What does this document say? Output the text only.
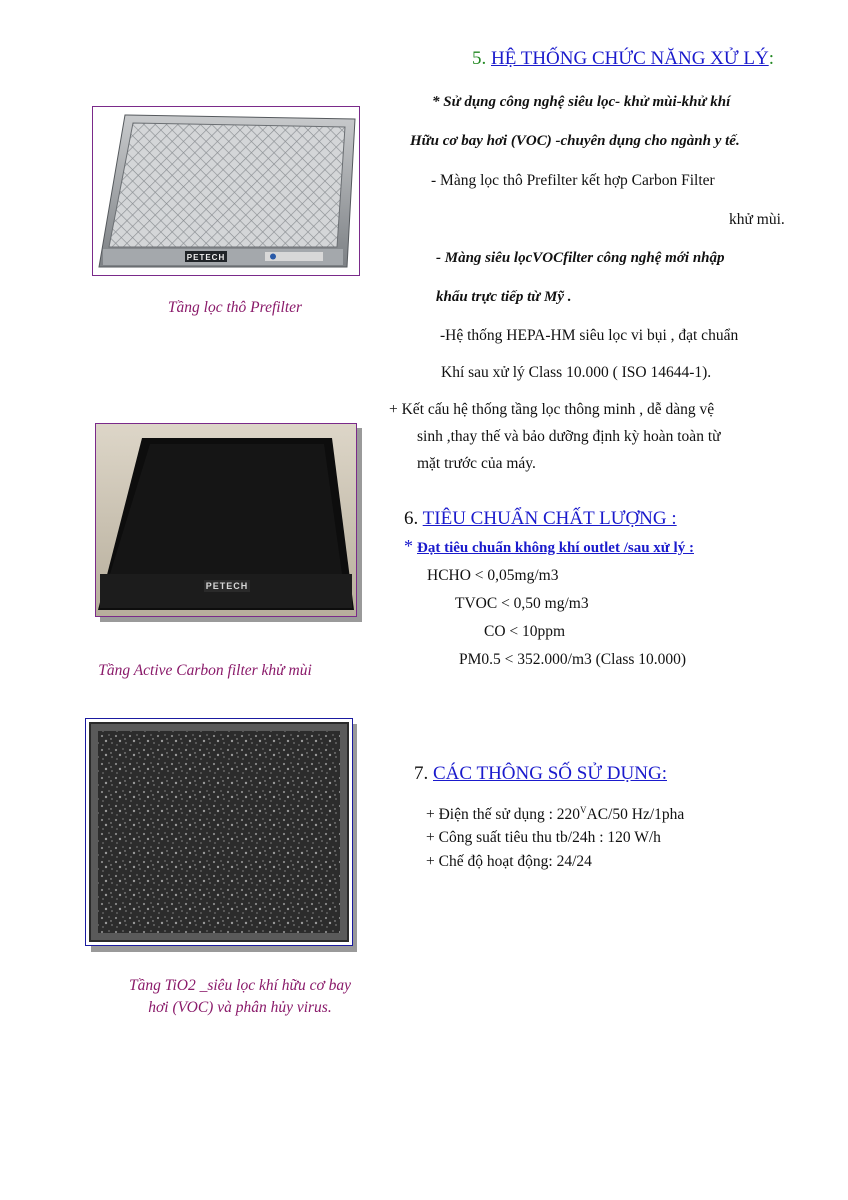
PETECH
Tầng lọc thô Prefilter
PETECH
Tầng Active Carbon filter khử mùi
Tầng TiO2 _siêu lọc khí hữu cơ bay
hơi (VOC) và phân hủy virus.
5. HỆ THỐNG CHỨC NĂNG XỬ LÝ:
* Sử dụng công nghệ siêu lọc- khử mùi-khử khí
Hữu cơ bay hơi (VOC) -chuyên dụng cho ngành y tế.
- Màng lọc thô Prefilter kết hợp Carbon Filter
khử mùi.
- Màng siêu lọcVOCfilter công nghệ mới nhập
khẩu trực tiếp từ Mỹ .
-Hệ thống HEPA-HM siêu lọc vi bụi , đạt chuẩn
Khí sau xử lý Class 10.000 ( ISO 14644-1).
+ Kết cấu hệ thống tầng lọc thông minh , dễ dàng vệ
sinh ,thay thế và bảo dưỡng định kỳ hoàn toàn từ
mặt trước của máy.
6. TIÊU CHUẨN CHẤT LƯỢNG :
* Đạt tiêu chuẩn không khí outlet /sau xử lý :
HCHO < 0,05mg/m3
TVOC < 0,50 mg/m3
CO < 10ppm
PM0.5 < 352.000/m3 (Class 10.000)
7. CÁC THÔNG SỐ SỬ DỤNG:
+ Điện thế sử dụng : $220^VAC/50$ Hz/1pha
+ Công suất tiêu thu tb/24h : 120 W/h
+ Chế độ hoạt động: 24/24
